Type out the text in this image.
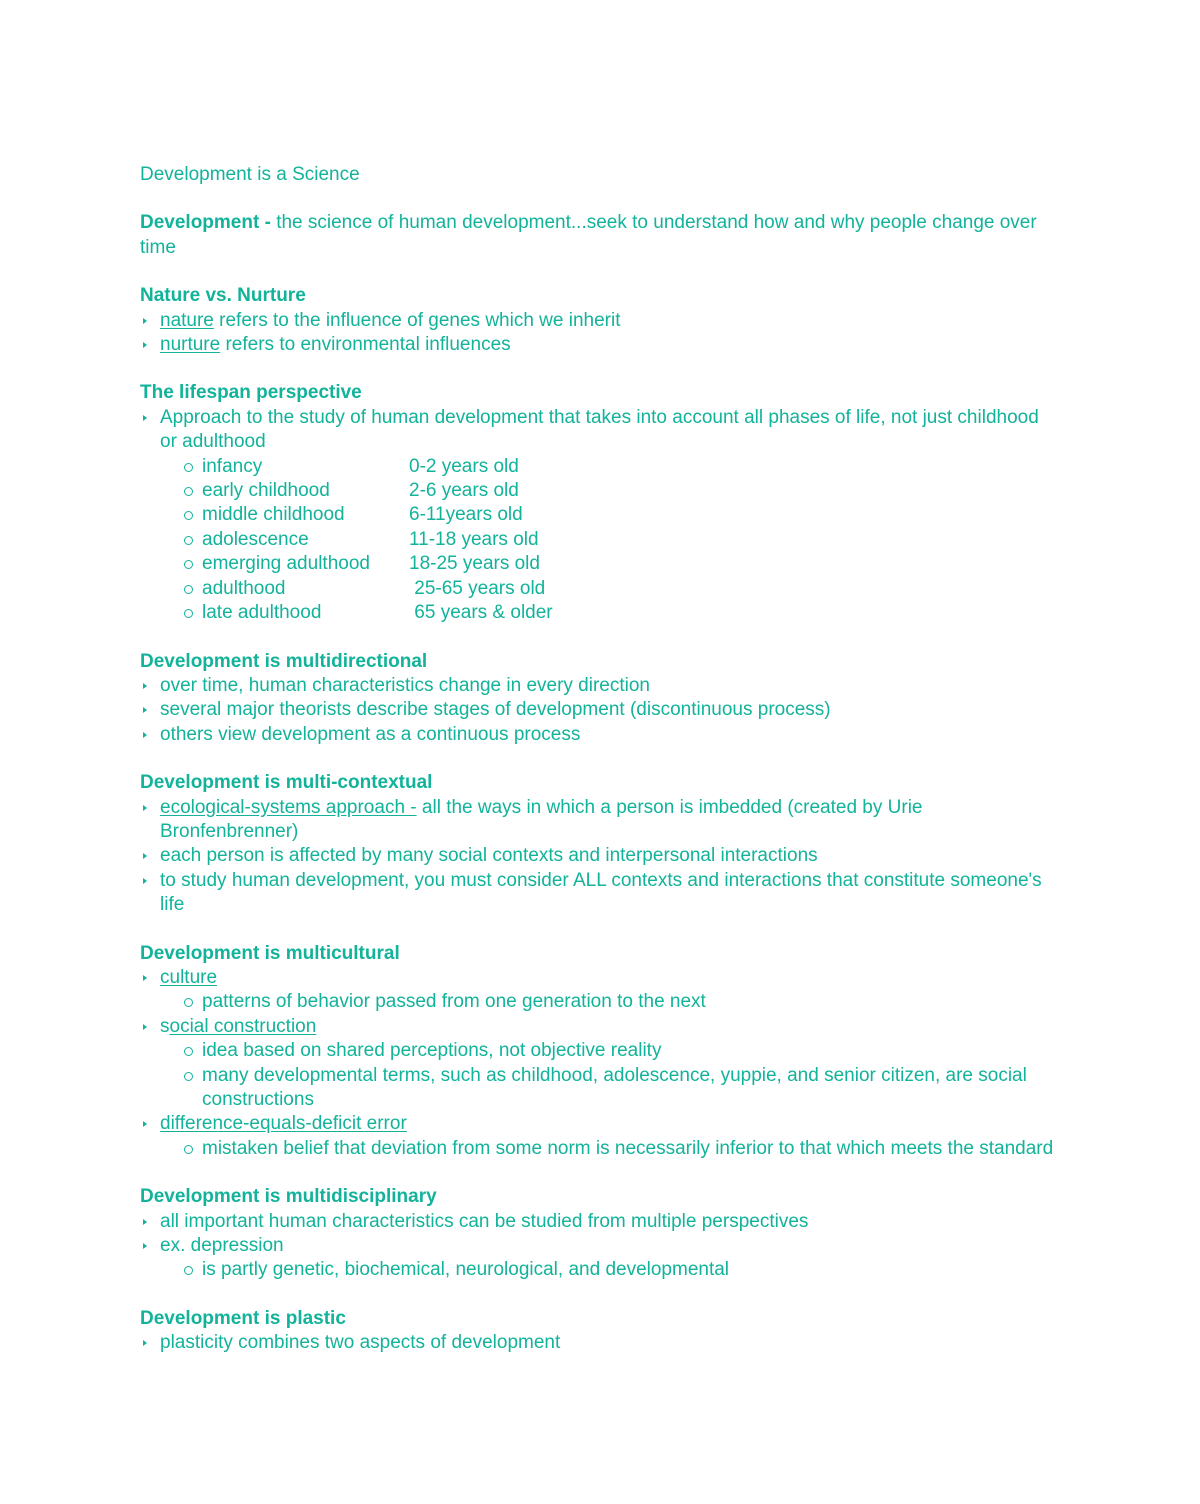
Development is a Science
Development - the science of human development...seek to understand how and why people change over time
Nature vs. Nurture
nature refers to the influence of genes which we inherit
nurture refers to environmental influences
The lifespan perspective
Approach to the study of human development that takes into account all phases of life, not just childhood or adulthood
infancy	0-2 years old
early childhood	2-6 years old
middle childhood	6-11years old
adolescence	11-18 years old
emerging adulthood 18-25 years old
adulthood	25-65 years old
late adulthood	65 years & older
Development is multidirectional
over time, human characteristics change in every direction
several major theorists describe stages of development (discontinuous process)
others view development as a continuous process
Development is multi-contextual
ecological-systems approach - all the ways in which a person is imbedded (created by Urie Bronfenbrenner)
each person is affected by many social contexts and interpersonal interactions
to study human development, you must consider ALL contexts and interactions that constitute someone's life
Development is multicultural
culture
patterns of behavior passed from one generation to the next
social construction
idea based on shared perceptions, not objective reality
many developmental terms, such as childhood, adolescence, yuppie, and senior citizen, are social constructions
difference-equals-deficit error
mistaken belief that deviation from some norm is necessarily inferior to that which meets the standard
Development is multidisciplinary
all important human characteristics can be studied from multiple perspectives
ex. depression
is partly genetic, biochemical, neurological, and developmental
Development is plastic
plasticity combines two aspects of development
